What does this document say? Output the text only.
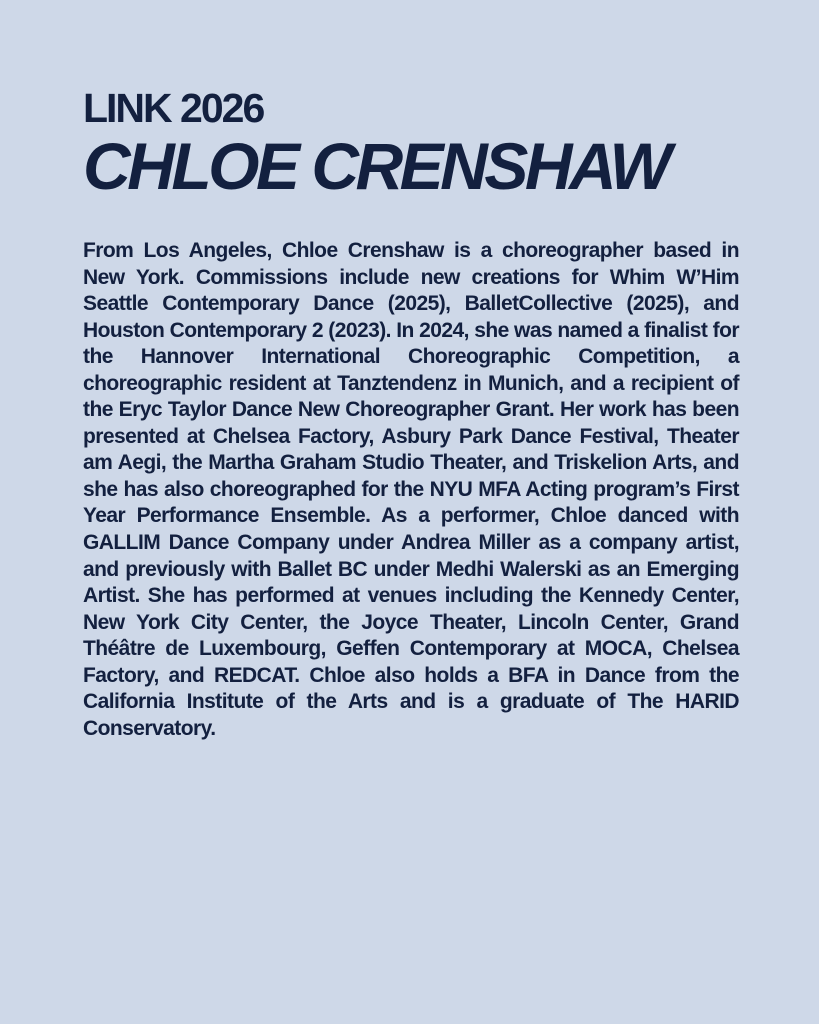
LINK 2026
CHLOE CRENSHAW

From Los Angeles, Chloe Crenshaw is a choreographer based in New York. Commissions include new creations for Whim W’Him Seattle Contemporary Dance (2025), BalletCollective (2025), and Houston Contemporary 2 (2023). In 2024, she was named a finalist for the Hannover International Choreographic Competition, a choreographic resident at Tanztendenz in Munich, and a recipient of the Eryc Taylor Dance New Choreographer Grant. Her work has been presented at Chelsea Factory, Asbury Park Dance Festival, Theater am Aegi, the Martha Graham Studio Theater, and Triskelion Arts, and she has also choreographed for the NYU MFA Acting program’s First Year Performance Ensemble. As a performer, Chloe danced with GALLIM Dance Company under Andrea Miller as a company artist, and previously with Ballet BC under Medhi Walerski as an Emerging Artist. She has performed at venues including the Kennedy Center, New York City Center, the Joyce Theater, Lincoln Center, Grand Théâtre de Luxembourg, Geffen Contemporary at MOCA, Chelsea Factory, and REDCAT. Chloe also holds a BFA in Dance from the California Institute of the Arts and is a graduate of The HARID Conservatory.
